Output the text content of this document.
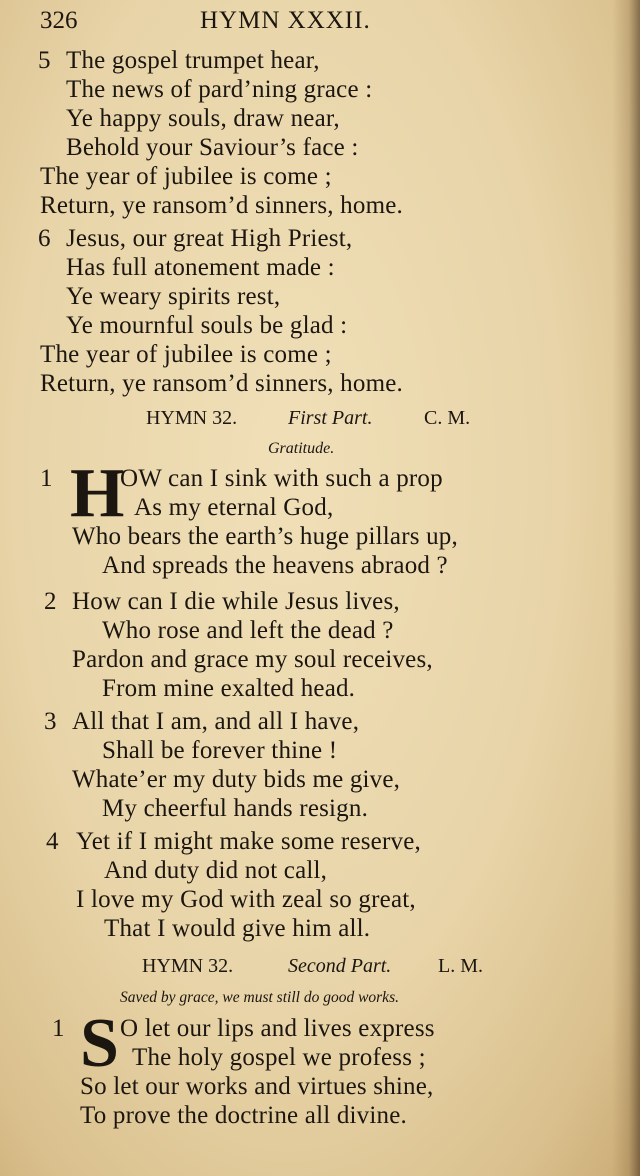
326	HYMN XXXII.
5 The gospel trumpet hear,
The news of pard’ning grace :
Ye happy souls, draw near,
Behold your Saviour’s face :
The year of jubilee is come ;
Return, ye ransom’d sinners, home.
6 Jesus, our great High Priest,
Has full atonement made :
Ye weary spirits rest,
Ye mournful souls be glad :
The year of jubilee is come ;
Return, ye ransom’d sinners, home.
HYMN 32.	First Part.	C. M.
Gratitude.
1 H
OW can I sink with such a prop
As my eternal God,
Who bears the earth’s huge pillars up,
And spreads the heavens abraod ?
2 How can I die while Jesus lives,
Who rose and left the dead ?
Pardon and grace my soul receives,
From mine exalted head.
3 All that I am, and all I have,
Shall be forever thine !
Whate’er my duty bids me give,
My cheerful hands resign.
4 Yet if I might make some reserve,
And duty did not call,
I love my God with zeal so great,
That I would give him all.
HYMN 32.	Second Part. L. M.
Saved by grace, we must still do good works.
1 S O let our lips and lives express
The holy gospel we profess ;
So let our works and virtues shine,
To prove the doctrine all divine.
